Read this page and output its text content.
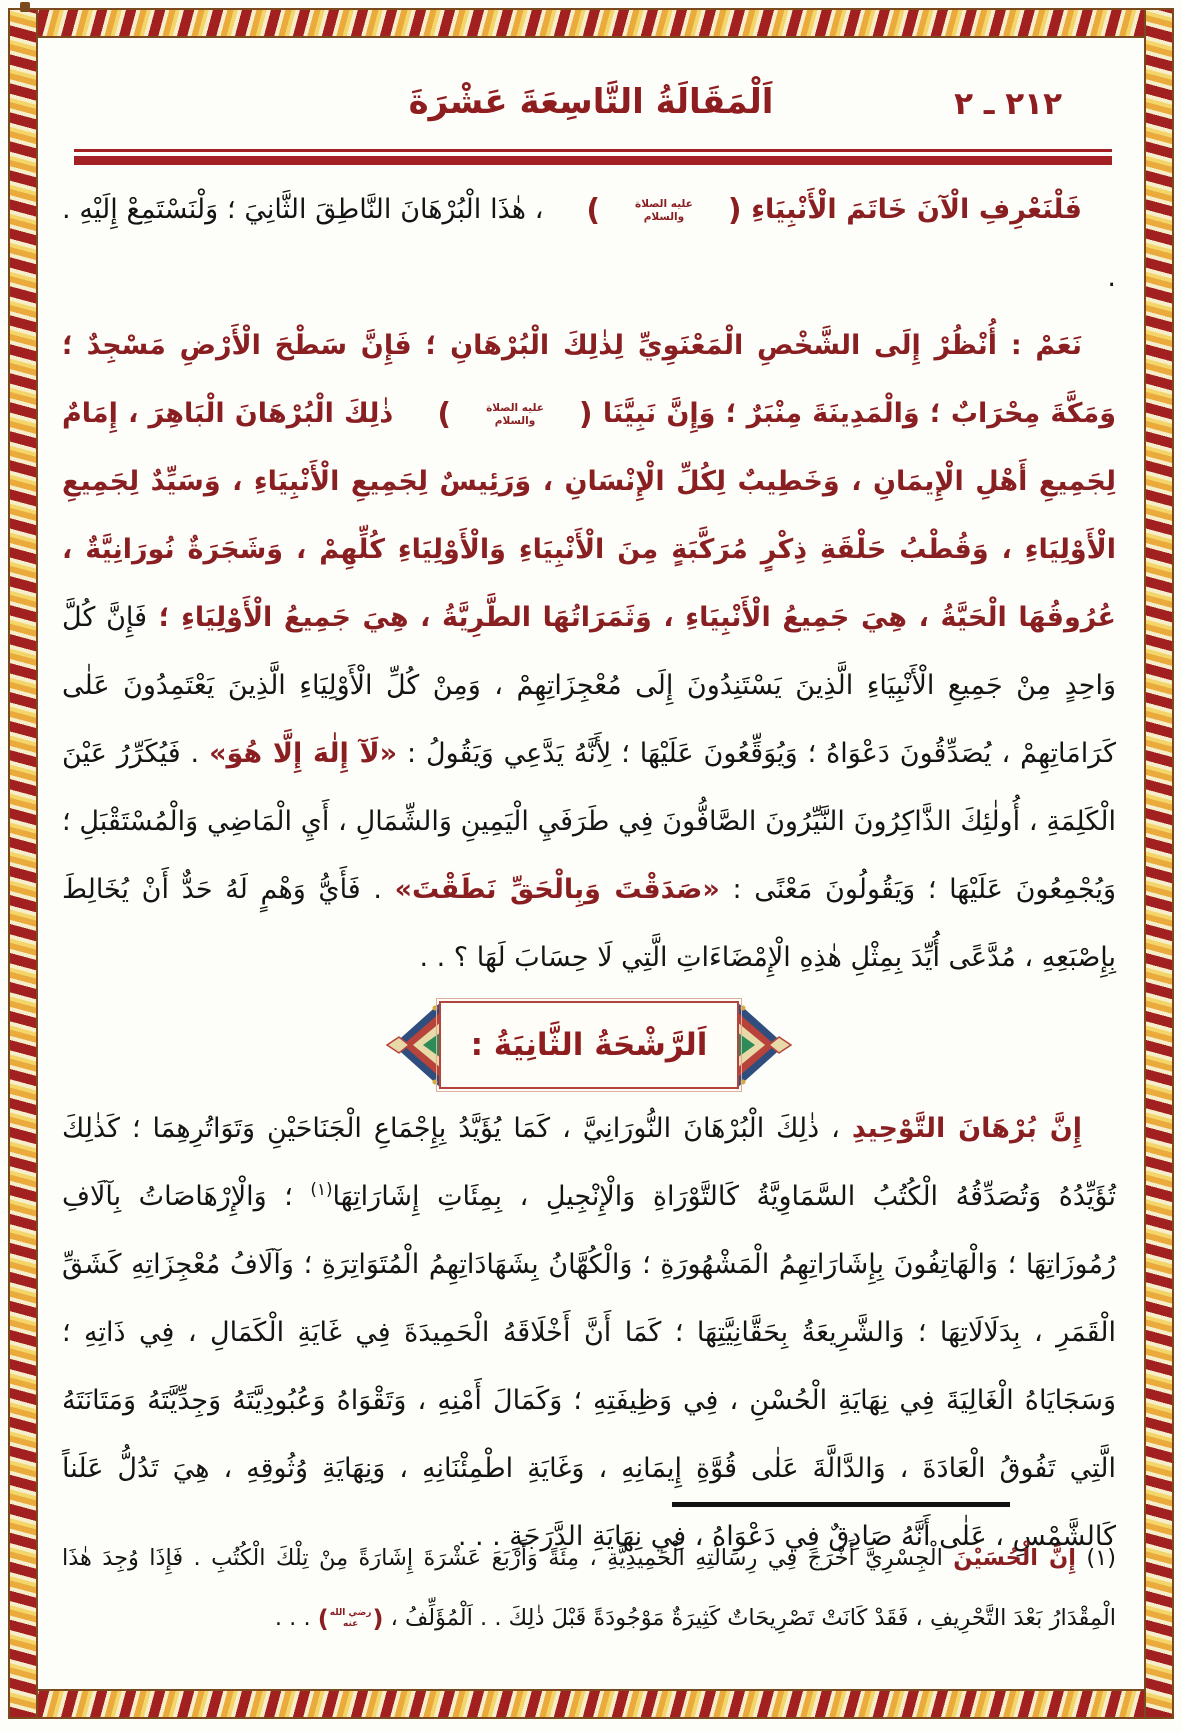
٢١٢ ـ ٢
اَلْمَقَالَةُ التَّاسِعَةَ عَشْرَةَ

فَلْنَعْرِفِ الْآنَ خَاتَمَ الْأَنْبِيَاءِ
(	عليه الصلاة
والسلام	)
، هٰذَا الْبُرْهَانَ النَّاطِقَ الثَّانِيَ ؛ وَلْنَسْتَمِعْ إِلَيْهِ . .

نَعَمْ : أُنْظُرْ إِلَى الشَّخْصِ الْمَعْنَوِيِّ لِذٰلِكَ الْبُرْهَانِ ؛ فَإِنَّ سَطْحَ الْأَرْضِ مَسْجِدٌ ؛ وَمَكَّةَ مِحْرَابٌ ؛ وَالْمَدِينَةَ مِنْبَرٌ ؛ وَإِنَّ نَبِيَّنَا
(	عليه الصلاة
والسلام	)
ذٰلِكَ الْبُرْهَانَ الْبَاهِرَ ، إِمَامٌ لِجَمِيعِ أَهْلِ الْإِيمَانِ ، وَخَطِيبٌ لِكُلِّ الْإِنْسَانِ ، وَرَئِيسٌ لِجَمِيعِ الْأَنْبِيَاءِ ، وَسَيِّدٌ لِجَمِيعِ الْأَوْلِيَاءِ ، وَقُطْبُ حَلْقَةِ ذِكْرٍ مُرَكَّبَةٍ مِنَ الْأَنْبِيَاءِ وَالْأَوْلِيَاءِ كُلِّهِمْ ، وَشَجَرَةٌ نُورَانِيَّةٌ ، عُرُوقُهَا الْحَيَّةُ ، هِيَ جَمِيعُ الْأَنْبِيَاءِ ، وَثَمَرَاتُهَا الطَّرِيَّةُ ، هِيَ جَمِيعُ الْأَوْلِيَاءِ ؛ فَإِنَّ كُلَّ وَاحِدٍ مِنْ جَمِيعِ الْأَنْبِيَاءِ الَّذِينَ يَسْتَنِدُونَ إِلَى مُعْجِزَاتِهِمْ ، وَمِنْ كُلِّ الْأَوْلِيَاءِ الَّذِينَ يَعْتَمِدُونَ عَلٰى كَرَامَاتِهِمْ ، يُصَدِّقُونَ دَعْوَاهُ ؛ وَيُوَقِّعُونَ عَلَيْهَا ؛ لِأَنَّهُ يَدَّعِي وَيَقُولُ : «لَآ إِلٰهَ إِلَّا هُوَ» . فَيُكَرِّرُ عَيْنَ الْكَلِمَةِ ، أُولٰئِكَ الذَّاكِرُونَ النَّيِّرُونَ الصَّافُّونَ فِي طَرَفَيِ الْيَمِينِ وَالشِّمَالِ ، أَيِ الْمَاضِي وَالْمُسْتَقْبَلِ ؛ وَيُجْمِعُونَ عَلَيْهَا ؛ وَيَقُولُونَ مَعْنًى : «صَدَقْتَ وَبِالْحَقِّ نَطَقْتَ» . فَأَيُّ وَهْمٍ لَهُ حَدٌّ أَنْ يُخَالِطَ بِإِصْبَعِهِ ، مُدَّعًى أُيِّدَ بِمِثْلِ هٰذِهِ الْإِمْضَاءَاتِ الَّتِي لَا حِسَابَ لَهَا ؟ . .

اَلرَّشْحَةُ الثَّانِيَةُ :

إِنَّ بُرْهَانَ التَّوْحِيدِ ، ذٰلِكَ الْبُرْهَانَ النُّورَانِيَّ ، كَمَا يُؤَيَّدُ بِإِجْمَاعِ الْجَنَاحَيْنِ وَتَوَاتُرِهِمَا ؛ كَذٰلِكَ تُؤَيِّدُهُ وَتُصَدِّقُهُ الْكُتُبُ السَّمَاوِيَّةُ كَالتَّوْرَاةِ وَالْإِنْجِيلِ ، بِمِئَاتِ إِشَارَاتِهَا$^{(١)}$ ؛ وَالْإِرْهَاصَاتُ بِآلَافِ رُمُوزَاتِهَا ؛ وَالْهَاتِفُونَ بِإِشَارَاتِهِمُ الْمَشْهُورَةِ ؛ وَالْكُهَّانُ بِشَهَادَاتِهِمُ الْمُتَوَاتِرَةِ ؛ وَآلَافُ مُعْجِزَاتِهِ كَشَقِّ الْقَمَرِ ، بِدَلَالَاتِهَا ؛ وَالشَّرِيعَةُ بِحَقَّانِيَّتِهَا ؛ كَمَا أَنَّ أَخْلَاقَهُ الْحَمِيدَةَ فِي غَايَةِ الْكَمَالِ ، فِي ذَاتِهِ ؛ وَسَجَايَاهُ الْغَالِيَةَ فِي نِهَايَةِ الْحُسْنِ ، فِي وَظِيفَتِهِ ؛ وَكَمَالَ أَمْنِهِ ، وَتَقْوَاهُ وَعُبُودِيَّتَهُ وَجِدِّيَّتَهُ وَمَتَانَتَهُ الَّتِي تَفُوقُ الْعَادَةَ ، وَالدَّالَّةَ عَلٰى قُوَّةِ إِيمَانِهِ ، وَغَايَةِ اطْمِئْنَانِهِ ، وَنِهَايَةِ وُثُوقِهِ ، هِيَ تَدُلُّ عَلَناً كَالشَّمْسِ ، عَلٰى أَنَّهُ صَادِقٌ فِي دَعْوَاهُ ، فِي نِهَايَةِ الدَّرَجَةِ . . .

(١) إِنَّ الْحُسَيْنَ الْجِسْرِيَّ أَخْرَجَ فِي رِسَالَتِهِ الْحَمِيدِيَّةِ ، مِئَةً وَأَرْبَعَ عَشْرَةَ إِشَارَةً مِنْ تِلْكَ الْكُتُبِ . فَإِذَا وُجِدَ هٰذَا الْمِقْدَارُ بَعْدَ التَّحْرِيفِ ، فَقَدْ كَانَتْ تَصْرِيحَاتٌ كَثِيرَةٌ مَوْجُودَةً قَبْلَ ذٰلِكَ . . اَلْمُؤَلِّفُ ،
( رضي الله
عنه )
. . .
